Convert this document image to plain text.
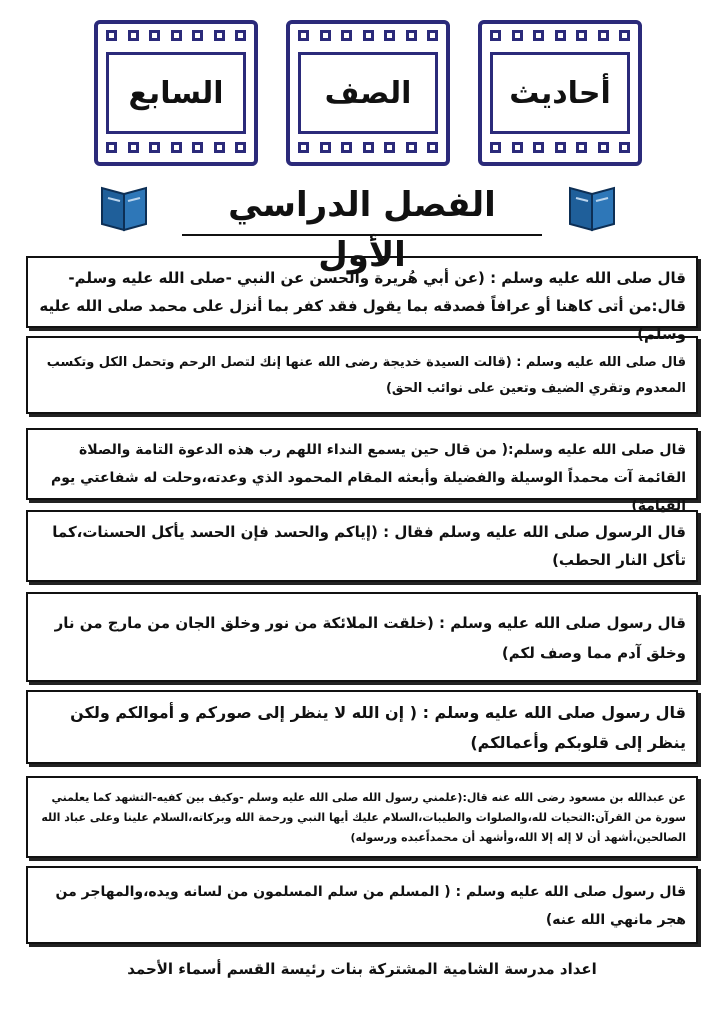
أحاديث
الصف
السابع
الفصل الدراسي الأول

قال صلى الله عليه وسلم : (عن أبي هُريرة والحسن عن النبي -صلى الله عليه وسلم- قال:من أتى كاهنا أو عرافاً فصدقه بما يقول فقد كفر بما أنزل على محمد صلى الله عليه وسلم)

قال صلى الله عليه وسلم : (قالت السيدة خديجة رضى الله عنها إنك لتصل الرحم وتحمل الكل وتكسب المعدوم وتقري الضيف وتعين على نوائب الحق)

قال صلى الله عليه وسلم:( من قال حين يسمع النداء اللهم رب هذه الدعوة التامة والصلاة القائمة آت محمداً الوسيلة والفضيلة وأبعثه المقام المحمود الذي وعدته،وحلت له شفاعتي يوم القيامة)

قال الرسول صلى الله عليه وسلم فقال : (إياكم والحسد فإن الحسد يأكل الحسنات،كما تأكل النار الحطب)

قال رسول صلى الله عليه وسلم : (خلقت الملائكة من نور وخلق الجان من مارج من نار وخلق آدم مما وصف لكم)

قال رسول صلى الله عليه وسلم : ( إن الله لا ينظر إلى صوركم و أموالكم ولكن ينظر إلى قلوبكم وأعمالكم)

عن عبدالله بن مسعود رضى الله عنه قال:(علمني رسول الله صلى الله عليه وسلم -وكيف بين كفيه-التشهد كما يعلمني سورة من القرآن:التحيات لله،والصلوات والطيبات،السلام عليك أيها النبي ورحمة الله وبركاته،السلام علينا وعلى عباد الله الصالحين،أشهد أن لا إله إلا الله،وأشهد أن محمداًعبده ورسوله)

قال رسول صلى الله عليه وسلم : ( المسلم من سلم المسلمون من لسانه ويده،والمهاجر من هجر مانهي الله عنه)

اعداد مدرسة الشامية المشتركة بنات رئيسة القسم أسماء الأحمد
